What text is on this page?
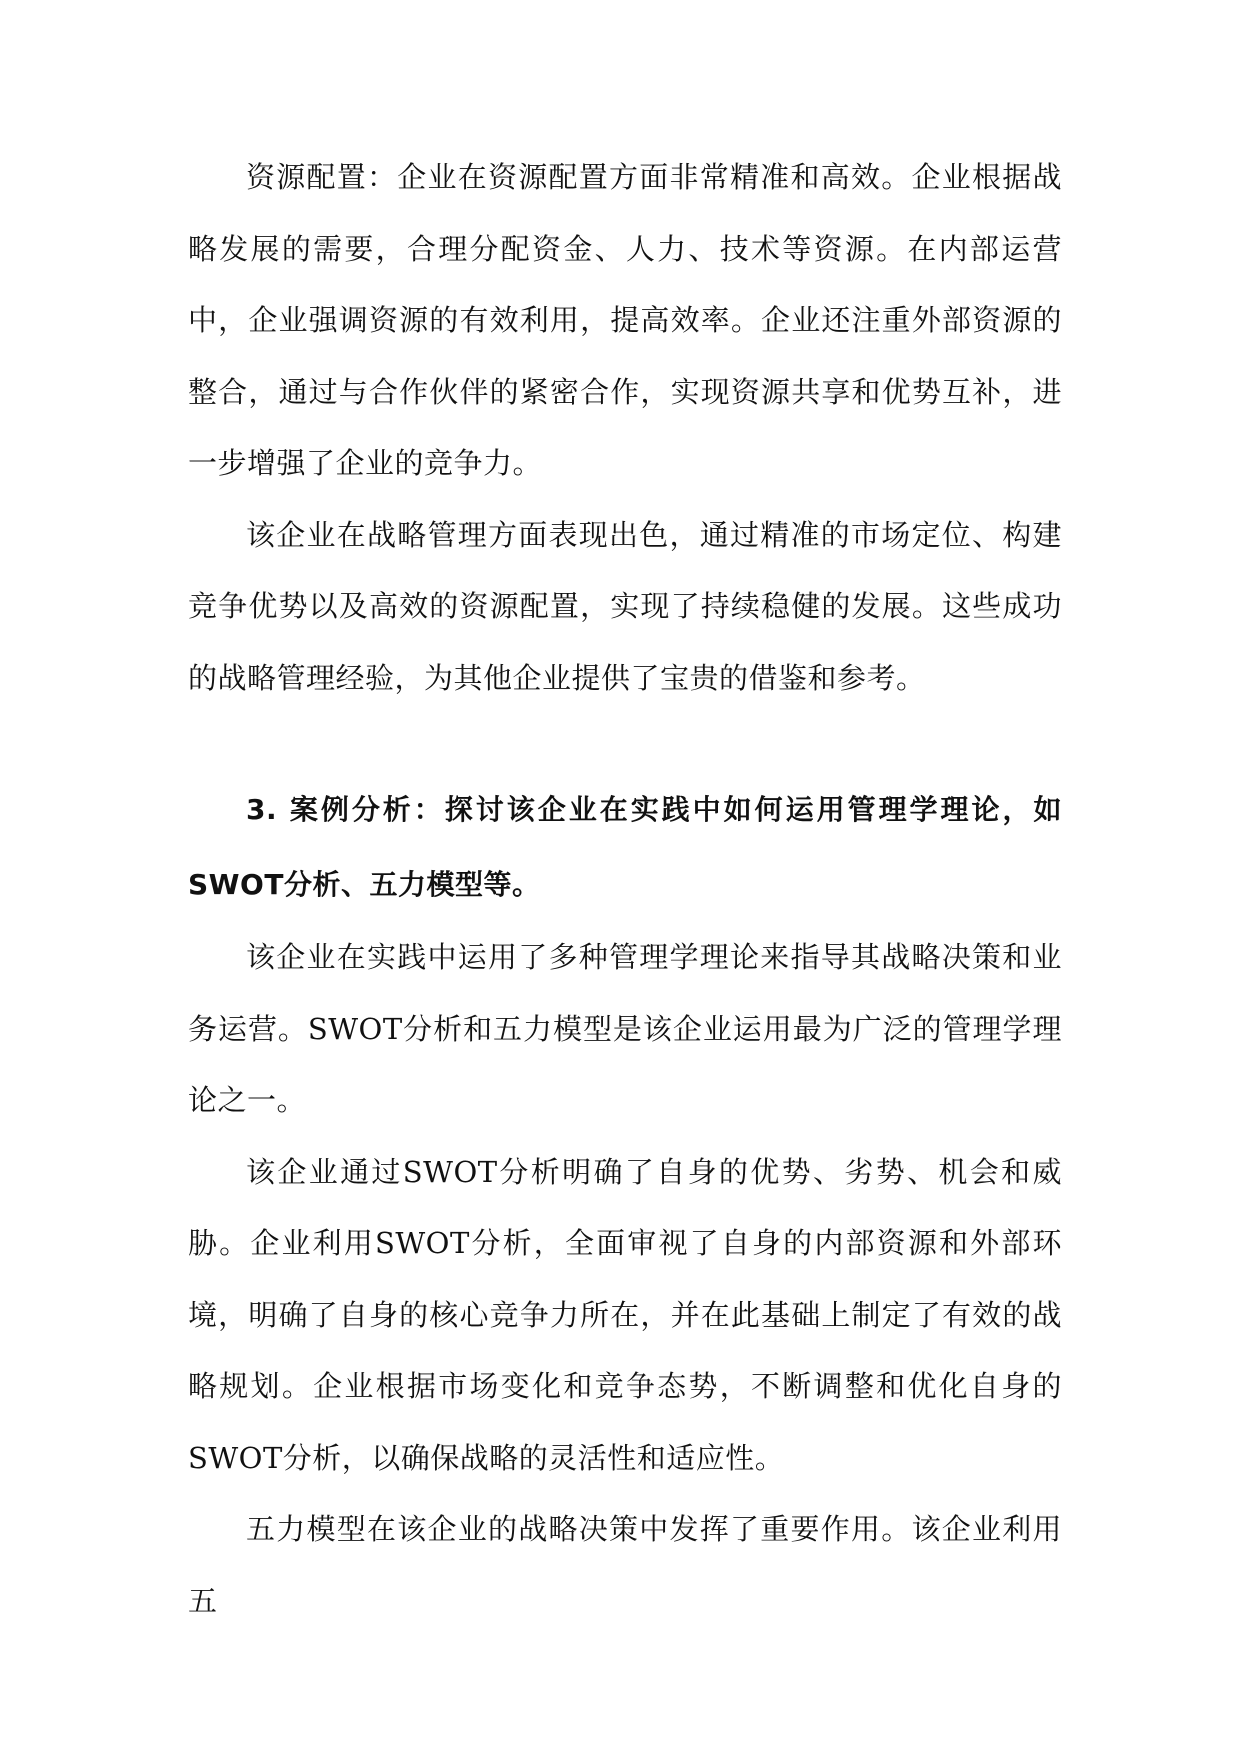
资源配置：企业在资源配置方面非常精准和高效。企业根据战略发展的需要，合理分配资金、人力、技术等资源。在内部运营中，企业强调资源的有效利用，提高效率。企业还注重外部资源的整合，通过与合作伙伴的紧密合作，实现资源共享和优势互补，进一步增强了企业的竞争力。

该企业在战略管理方面表现出色，通过精准的市场定位、构建竞争优势以及高效的资源配置，实现了持续稳健的发展。这些成功的战略管理经验，为其他企业提供了宝贵的借鉴和参考。

3. 案例分析：探讨该企业在实践中如何运用管理学理论，如SWOT分析、五力模型等。

该企业在实践中运用了多种管理学理论来指导其战略决策和业务运营。SWOT分析和五力模型是该企业运用最为广泛的管理学理论之一。

该企业通过SWOT分析明确了自身的优势、劣势、机会和威胁。企业利用SWOT分析，全面审视了自身的内部资源和外部环境，明确了自身的核心竞争力所在，并在此基础上制定了有效的战略规划。企业根据市场变化和竞争态势，不断调整和优化自身的SWOT分析，以确保战略的灵活性和适应性。

五力模型在该企业的战略决策中发挥了重要作用。该企业利用五
